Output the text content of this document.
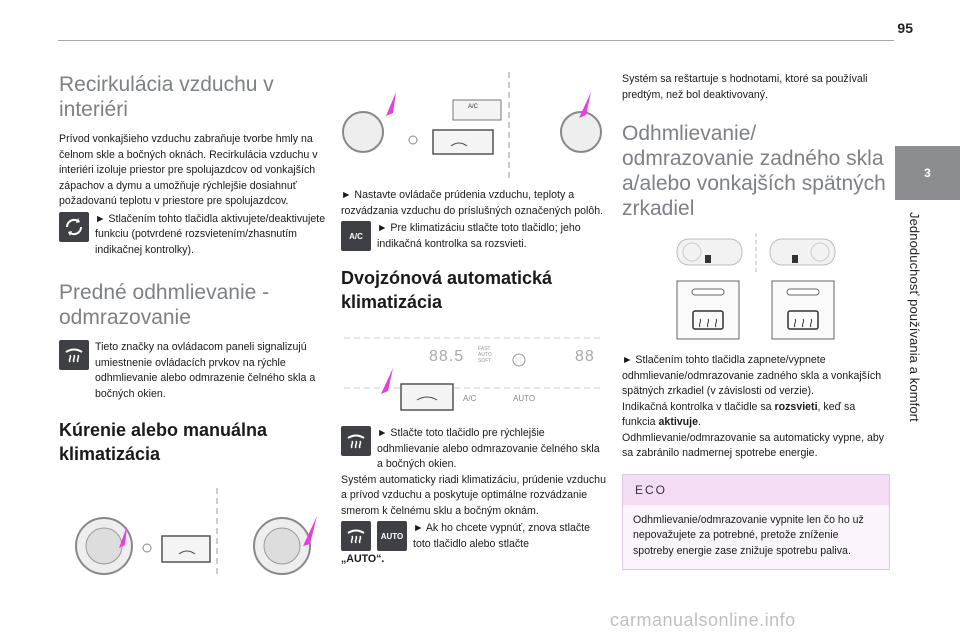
95
3
Jednoduchosť používania a komfort
Recirkulácia vzduchu v interiéri

Prívod vonkajšieho vzduchu zabraňuje tvorbe hmly na čelnom skle a bočných oknách. Recirkulácia vzduchu v interiéri izoluje priestor pre spolujazdcov od vonkajších zápachov a dymu a umožňuje rýchlejšie dosiahnuť požadovanú teplotu v priestore pre spolujazdcov.

► Stlačením tohto tlačidla aktivujete/deaktivujete funkciu (potvrdené rozsvietením/zhasnutím indikačnej kontrolky).
Predné odhmlievanie - odmrazovanie
Tieto značky na ovládacom paneli signalizujú umiestnenie ovládacích prvkov na rýchle odhmlievanie alebo odmrazenie čelného skla a bočných okien.
Kúrenie alebo manuálna klimatizácia
A/C

► Nastavte ovládače prúdenia vzduchu, teploty a rozvádzania vzduchu do príslušných označených polôh.

A/C
► Pre klimatizáciu stlačte toto tlačidlo; jeho indikačná kontrolka sa rozsvieti.
Dvojzónová automatická klimatizácia
88.5	FAST AUTO SOFT	88
A/C	AUTO
► Stlačte toto tlačidlo pre rýchlejšie odhmlievanie alebo odmrazovanie čelného skla a bočných okien.

Systém automaticky riadi klimatizáciu, prúdenie vzduchu a prívod vzduchu a poskytuje optimálne rozvádzanie smerom k čelnému sklu a bočným oknám.

AUTO
► Ak ho chcete vypnúť, znova stlačte toto tlačidlo alebo stlačte

„AUTO“.

Systém sa reštartuje s hodnotami, ktoré sa používali predtým, než bol deaktivovaný.

Odhmlievanie/ odmrazovanie zadného skla a/alebo vonkajších spätných zrkadiel

► Stlačením tohto tlačidla zapnete/vypnete odhmlievanie/odmrazovanie zadného skla a vonkajších spätných zrkadiel (v závislosti od verzie).

Indikačná kontrolka v tlačidle sa rozsvieti, keď sa funkcia aktivuje.

Odhmlievanie/odmrazovanie sa automaticky vypne, aby sa zabránilo nadmernej spotrebe energie.

ECO
Odhmlievanie/odmrazovanie vypnite len čo ho už nepovažujete za potrebné, pretože zníženie spotreby energie zase znižuje spotrebu paliva.
carmanualsonline.info
